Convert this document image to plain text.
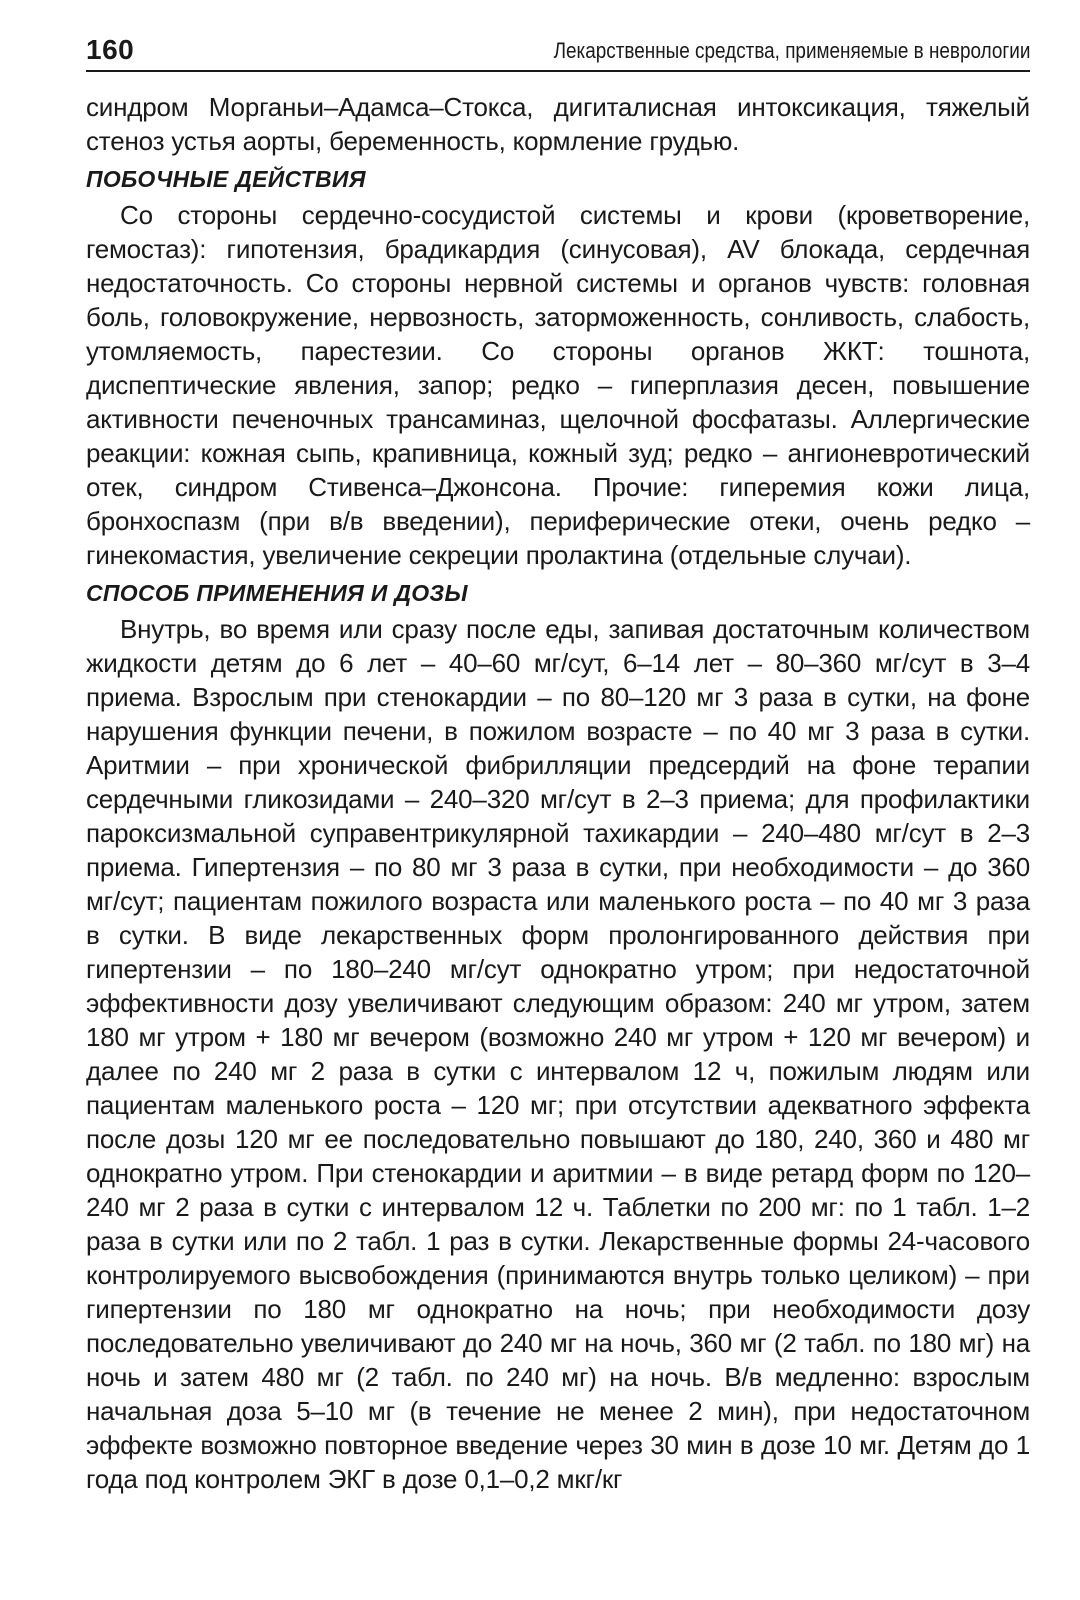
160	Лекарственные средства, применяемые в неврологии

синдром Морганьи–Адамса–Стокса, дигиталисная интоксикация, тяжелый стеноз устья аорты, беременность, кормление грудью.

ПОБОЧНЫЕ ДЕЙСТВИЯ

Со стороны сердечно-сосудистой системы и крови (кроветворение, гемостаз): гипотензия, брадикардия (синусовая), AV блокада, сердечная недостаточность. Со стороны нервной системы и органов чувств: головная боль, головокружение, нервозность, заторможенность, сонливость, слабость, утомляемость, парестезии. Со стороны органов ЖКТ: тошнота, диспептические явления, запор; редко – гиперплазия десен, повышение активности печеночных трансаминаз, щелочной фосфатазы. Аллергические реакции: кожная сыпь, крапивница, кожный зуд; редко – ангионевротический отек, синдром Стивенса–Джонсона. Прочие: гиперемия кожи лица, бронхоспазм (при в/в введении), периферические отеки, очень редко – гинекомастия, увеличение секреции пролактина (отдельные случаи).

СПОСОБ ПРИМЕНЕНИЯ И ДОЗЫ

Внутрь, во время или сразу после еды, запивая достаточным количеством жидкости детям до 6 лет – 40–60 мг/сут, 6–14 лет – 80–360 мг/сут в 3–4 приема. Взрослым при стенокардии – по 80–120 мг 3 раза в сутки, на фоне нарушения функции печени, в пожилом возрасте – по 40 мг 3 раза в сутки. Аритмии – при хронической фибрилляции предсердий на фоне терапии сердечными гликозидами – 240–320 мг/сут в 2–3 приема; для профилактики пароксизмальной суправентрикулярной тахикардии – 240–480 мг/сут в 2–3 приема. Гипертензия – по 80 мг 3 раза в сутки, при необходимости – до 360 мг/сут; пациентам пожилого возраста или маленького роста – по 40 мг 3 раза в сутки. В виде лекарственных форм пролонгированного действия при гипертензии – по 180–240 мг/сут однократно утром; при недостаточной эффективности дозу увеличивают следующим образом: 240 мг утром, затем 180 мг утром + 180 мг вечером (возможно 240 мг утром + 120 мг вечером) и далее по 240 мг 2 раза в сутки с интервалом 12 ч, пожилым людям или пациентам маленького роста – 120 мг; при отсутствии адекватного эффекта после дозы 120 мг ее последовательно повышают до 180, 240, 360 и 480 мг однократно утром. При стенокардии и аритмии – в виде ретард форм по 120–240 мг 2 раза в сутки с интервалом 12 ч. Таблетки по 200 мг: по 1 табл. 1–2 раза в сутки или по 2 табл. 1 раз в сутки. Лекарственные формы 24-часового контролируемого высвобождения (принимаются внутрь только целиком) – при гипертензии по 180 мг однократно на ночь; при необходимости дозу последовательно увеличивают до 240 мг на ночь, 360 мг (2 табл. по 180 мг) на ночь и затем 480 мг (2 табл. по 240 мг) на ночь. В/в медленно: взрослым начальная доза 5–10 мг (в течение не менее 2 мин), при недостаточном эффекте возможно повторное введение через 30 мин в дозе 10 мг. Детям до 1 года под контролем ЭКГ в дозе 0,1–0,2 мкг/кг
